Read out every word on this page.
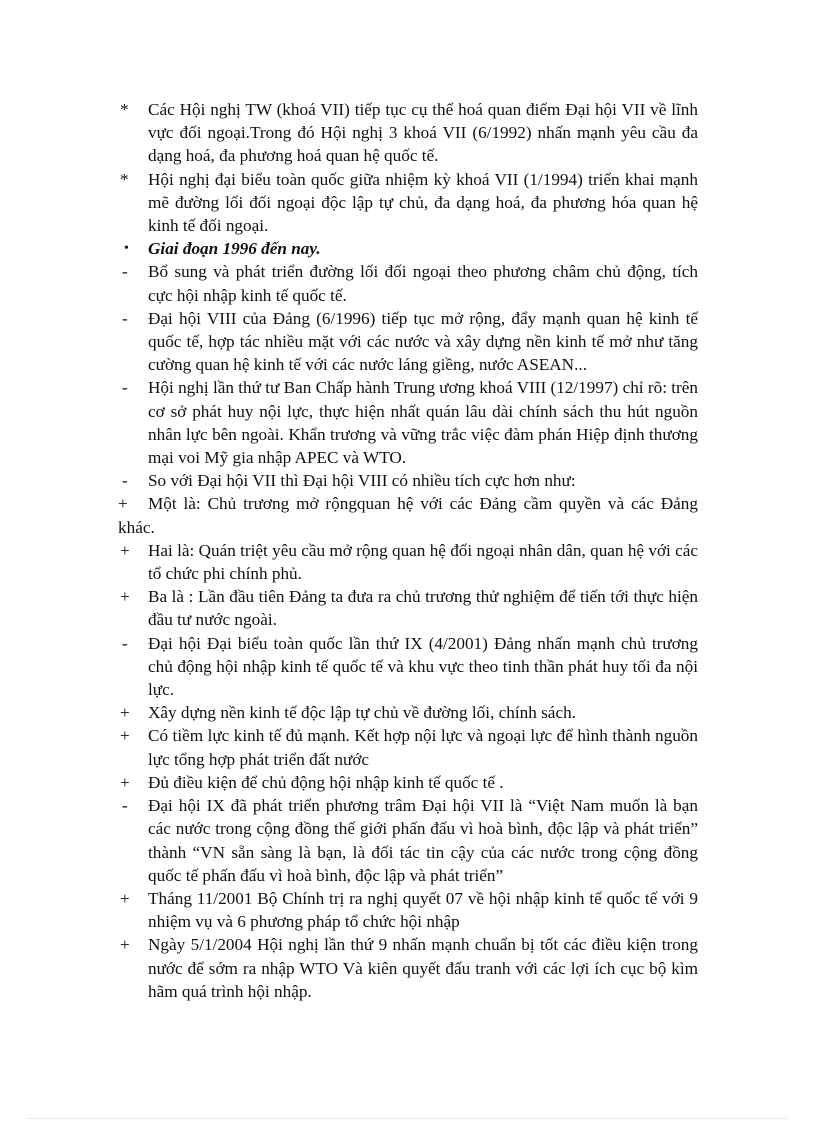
*	Các Hội nghị TW (khoá VII) tiếp tục cụ thể hoá quan điểm Đại hội VII về lĩnh vực đối ngoại.Trong đó Hội nghị 3 khoá VII (6/1992) nhấn mạnh yêu cầu đa dạng hoá, đa phương hoá quan hệ quốc tế.
*	Hội nghị đại biểu toàn quốc giữa nhiệm kỳ khoá VII (1/1994) triển khai mạnh mẽ đường lối đối ngoại độc lập tự chủ, đa dạng hoá, đa phương hóa quan hệ kinh tế đối ngoại.
•	Giai đoạn 1996 đến nay.
-	Bổ sung và phát triển đường lối đối ngoại theo phương châm chủ động, tích cực hội nhập kinh tế quốc tế.
-	Đại hội VIII của Đảng (6/1996) tiếp tục mở rộng, đẩy mạnh quan hệ kinh tế quốc tế, hợp tác nhiều mặt với các nước và xây dựng nền kinh tế mở như tăng cường quan hệ kinh tế với các nước láng giềng, nước ASEAN...
-	Hội nghị lần thứ tư Ban Chấp hành Trung ương khoá VIII (12/1997) chỉ rõ: trên cơ sở phát huy nội lực, thực hiện nhất quán lâu dài chính sách thu hút nguồn nhân lực bên ngoài. Khẩn trương và vững trắc việc đàm phán Hiệp định thương mại voi Mỹ gia nhập APEC và WTO.
-	So với Đại hội VII thì Đại hội VIII có nhiều tích cực hơn như:
+ Một là: Chủ trương mở rộngquan hệ với các Đảng cầm quyền và các Đảng khác.
+	Hai là: Quán triệt yêu cầu mở rộng quan hệ đối ngoại nhân dân, quan hệ với các tổ chức phi chính phủ.
+	Ba là : Lần đầu tiên Đảng ta đưa ra chủ trương thử nghiệm để tiến tới thực hiện đầu tư nước ngoài.
-	Đại hội Đại biểu toàn quốc lần thứ IX (4/2001) Đảng nhấn mạnh chủ trương chủ động hội nhập kinh tế quốc tế và khu vực theo tinh thần phát huy tối đa nội lực.
+	Xây dựng nền kinh tế độc lập tự chủ về đường lối, chính sách.
+	Có tiềm lực kinh tế đủ mạnh. Kết hợp nội lực và ngoại lực để hình thành nguồn lực tổng hợp phát triển đất nước
+	Đủ điều kiện để chủ động hội nhập kinh tế quốc tế .
-	Đại hội IX đã phát triển phương trâm Đại hội VII là “Việt Nam muốn là bạn các nước trong cộng đồng thế giới phấn đấu vì hoà bình, độc lập và phát triển” thành “VN sẵn sàng là bạn, là đối tác tin cậy của các nước trong cộng đồng quốc tế phấn đấu vì hoà bình, độc lập và phát triển”
+	Tháng 11/2001 Bộ Chính trị ra nghị quyết 07 về hội nhập kinh tế quốc tế với 9 nhiệm vụ và 6 phương pháp tổ chức hội nhập
+	Ngày 5/1/2004 Hội nghị lần thứ 9 nhấn mạnh chuẩn bị tốt các điều kiện trong nước để sớm ra nhập WTO Và kiên quyết đấu tranh với các lợi ích cục bộ kìm hãm quá trình hội nhập.
